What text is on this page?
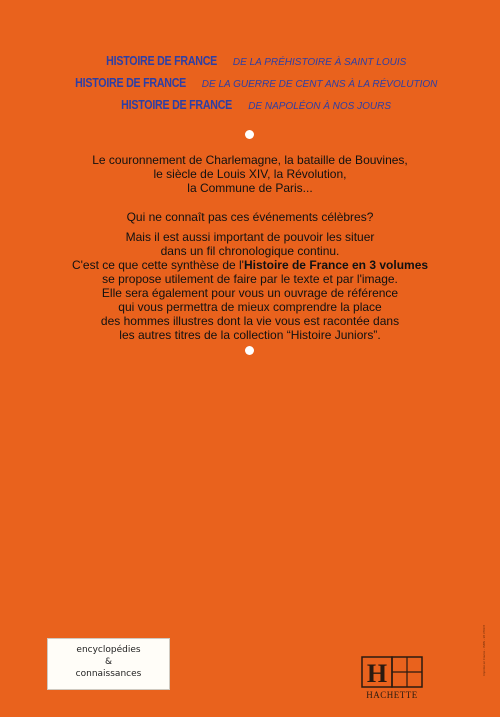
HISTOIRE DE FRANCE DE LA PRÉHISTOIRE À SAINT LOUIS
HISTOIRE DE FRANCE DE LA GUERRE DE CENT ANS À LA RÉVOLUTION
HISTOIRE DE FRANCE DE NAPOLÉON À NOS JOURS
Le couronnement de Charlemagne, la bataille de Bouvines,
le siècle de Louis XIV, la Révolution,
la Commune de Paris...
Qui ne connaît pas ces événements célèbres?
Mais il est aussi important de pouvoir les situer
dans un fil chronologique continu.
C'est ce que cette synthèse de l'Histoire de France en 3 volumes
se propose utilement de faire par le texte et par l'image.
Elle sera également pour vous un ouvrage de référence
qui vous permettra de mieux comprendre la place
des hommes illustres dont la vie vous est racontée dans
les autres titres de la collection “Histoire Juniors”.
encyclopédies
&
connaissances	H
HACHETTE
Imprimé en France - ISBN - 38 3709 8
